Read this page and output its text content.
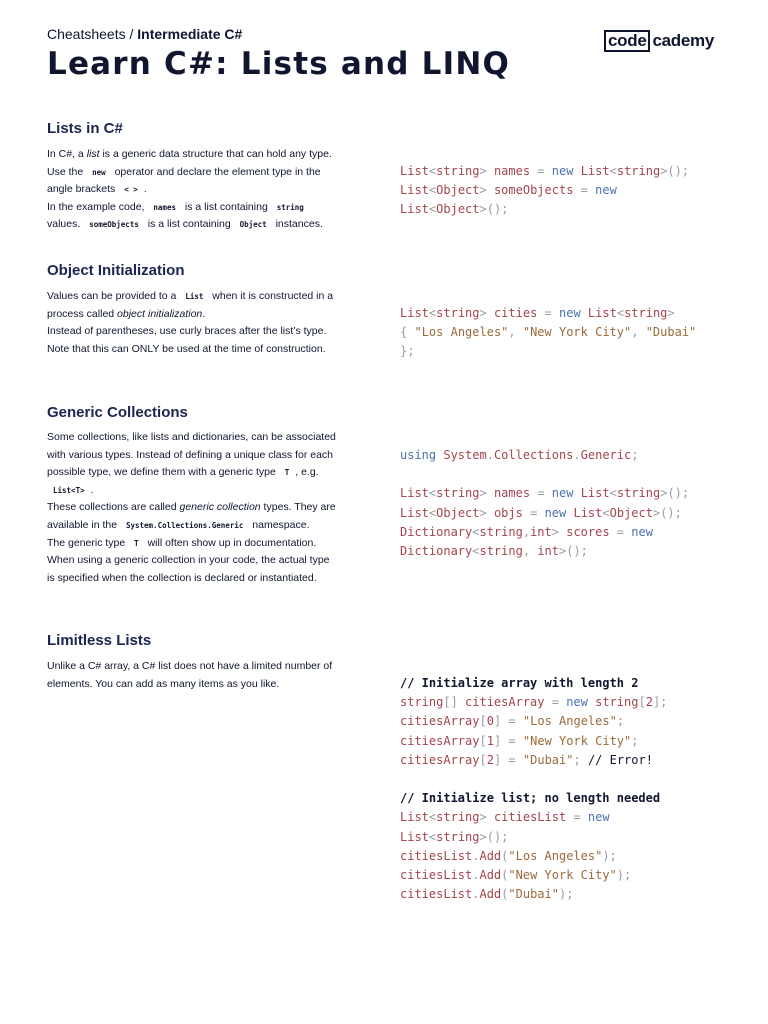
Cheatsheets / Intermediate C#	code cademy
Learn C#: Lists and LINQ
Lists in C#

In C#, a list is a generic data structure that can hold any type. Use the new operator and declare the element type in the angle brackets < > .

In the example code, names is a list containing string values. someObjects is a list containing Object instances.

List<string> names = new List<string>();
List<Object> someObjects = new
List<Object>();
Object Initialization

Values can be provided to a List when it is constructed in a process called object initialization.

Instead of parentheses, use curly braces after the list’s type.

Note that this can ONLY be used at the time of construction.

List<string> cities = new List<string>
{ "Los Angeles", "New York City", "Dubai"
};
Generic Collections

Some collections, like lists and dictionaries, can be associated with various types. Instead of defining a unique class for each possible type, we define them with a generic type T , e.g. List<T> .

These collections are called generic collection types. They are available in the System.Collections.Generic namespace.

The generic type T will often show up in documentation. When using a generic collection in your code, the actual type is specified when the collection is declared or instantiated.

using System.Collections.Generic;

List<string> names = new List<string>();
List<Object> objs = new List<Object>();
Dictionary<string,int> scores = new
Dictionary<string, int>();
Limitless Lists

Unlike a C# array, a C# list does not have a limited number of elements. You can add as many items as you like.	// Initialize array with length 2
string[] citiesArray = new string[2];
citiesArray[0] = "Los Angeles";
citiesArray[1] = "New York City";
citiesArray[2] = "Dubai"; // Error!

// Initialize list; no length needed
List<string> citiesList = new
List<string>();
citiesList.Add("Los Angeles");
citiesList.Add("New York City");
citiesList.Add("Dubai");
